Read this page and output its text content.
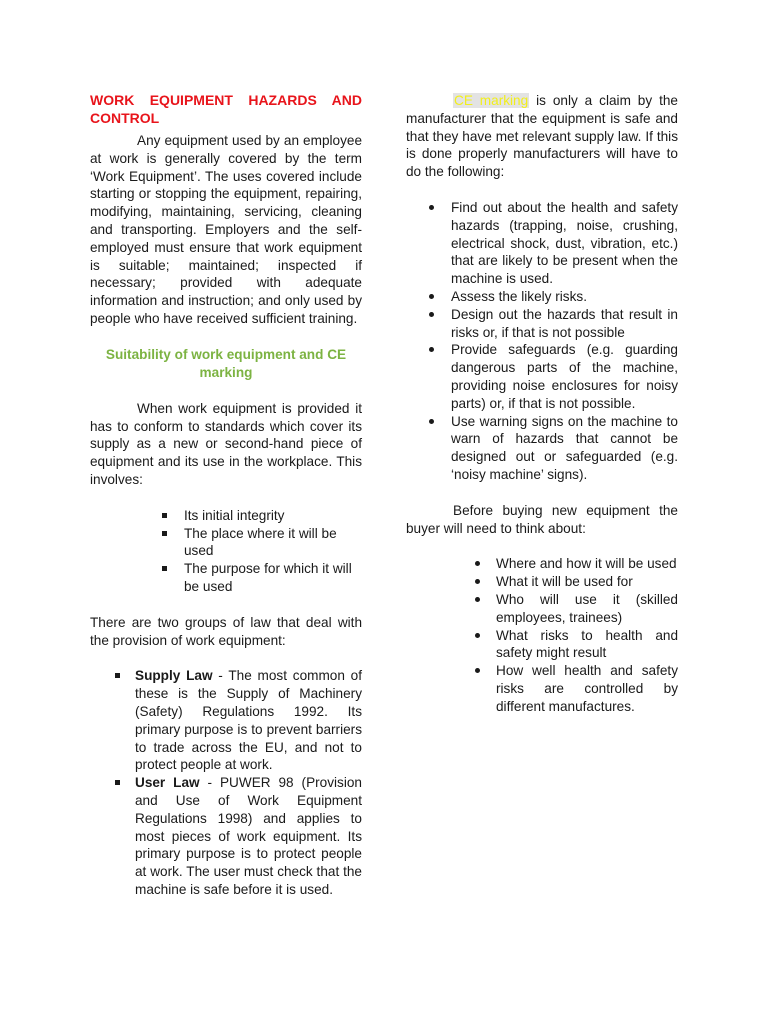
WORK EQUIPMENT HAZARDS AND CONTROL

Any equipment used by an employee at work is generally covered by the term ‘Work Equipment’. The uses covered include starting or stopping the equipment, repairing, modifying, maintaining, servicing, cleaning and transporting. Employers and the self-employed must ensure that work equipment is suitable; maintained; inspected if necessary; provided with adequate information and instruction; and only used by people who have received sufficient training.

Suitability of work equipment and CE marking

When work equipment is provided it has to conform to standards which cover its supply as a new or second-hand piece of equipment and its use in the workplace. This involves:

Its initial integrity
The place where it will be used
The purpose for which it will be used

There are two groups of law that deal with the provision of work equipment:

Supply Law - The most common of these is the Supply of Machinery (Safety) Regulations 1992. Its primary purpose is to prevent barriers to trade across the EU, and not to protect people at work.
User Law - PUWER 98 (Provision and Use of Work Equipment Regulations 1998) and applies to most pieces of work equipment. Its primary purpose is to protect people at work. The user must check that the machine is safe before it is used.

CE marking is only a claim by the manufacturer that the equipment is safe and that they have met relevant supply law. If this is done properly manufacturers will have to do the following:

Find out about the health and safety hazards (trapping, noise, crushing, electrical shock, dust, vibration, etc.) that are likely to be present when the machine is used.
Assess the likely risks.
Design out the hazards that result in risks or, if that is not possible
Provide safeguards (e.g. guarding dangerous parts of the machine, providing noise enclosures for noisy parts) or, if that is not possible.
Use warning signs on the machine to warn of hazards that cannot be designed out or safeguarded (e.g. ‘noisy machine’ signs).

Before buying new equipment the buyer will need to think about:

Where and how it will be used
What it will be used for
Who will use it (skilled employees, trainees)
What risks to health and safety might result
How well health and safety risks are controlled by different manufactures.
